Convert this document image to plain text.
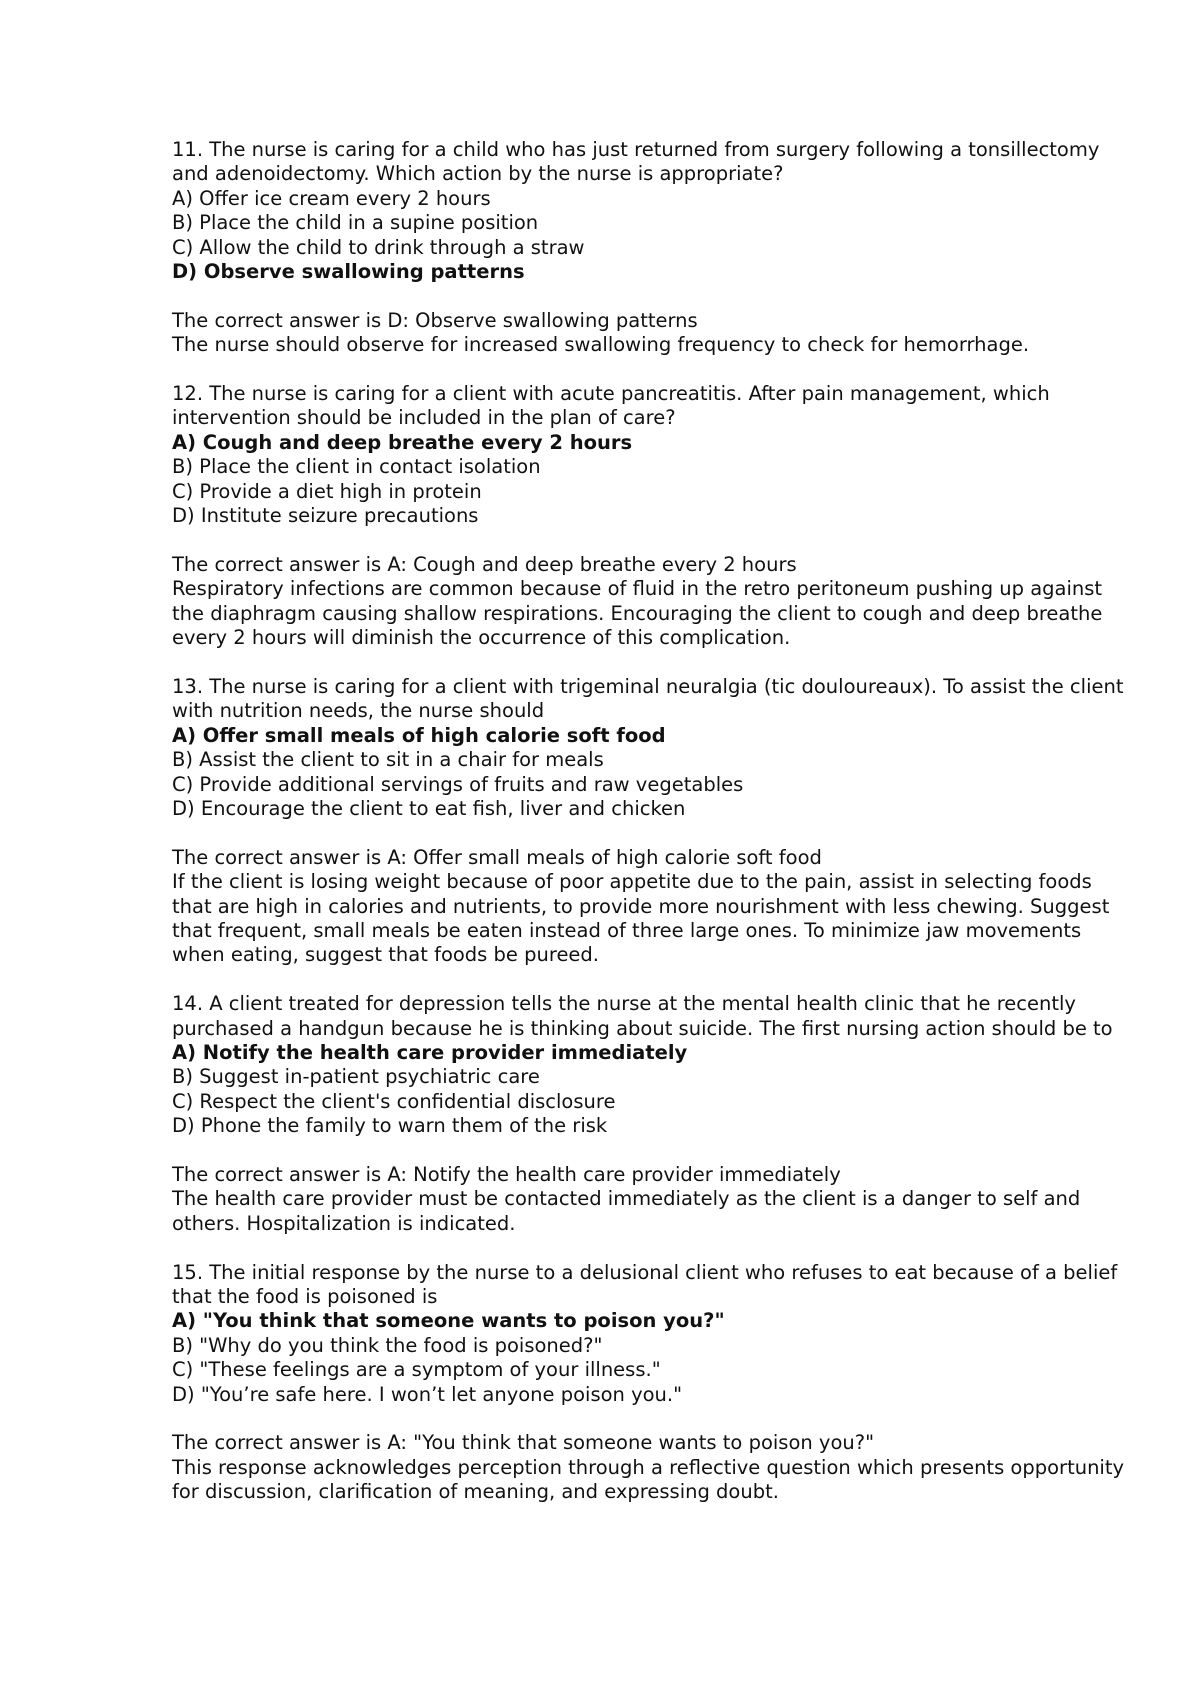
11. The nurse is caring for a child who has just returned from surgery following a tonsillectomy and adenoidectomy. Which action by the nurse is appropriate?
A) Offer ice cream every 2 hours
B) Place the child in a supine position
C) Allow the child to drink through a straw
D) Observe swallowing patterns
The correct answer is D: Observe swallowing patterns
The nurse should observe for increased swallowing frequency to check for hemorrhage.
12. The nurse is caring for a client with acute pancreatitis. After pain management, which intervention should be included in the plan of care?
A) Cough and deep breathe every 2 hours
B) Place the client in contact isolation
C) Provide a diet high in protein
D) Institute seizure precautions
The correct answer is A: Cough and deep breathe every 2 hours
Respiratory infections are common because of fluid in the retro peritoneum pushing up against the diaphragm causing shallow respirations. Encouraging the client to cough and deep breathe every 2 hours will diminish the occurrence of this complication.
13. The nurse is caring for a client with trigeminal neuralgia (tic douloureaux). To assist the client with nutrition needs, the nurse should
A) Offer small meals of high calorie soft food
B) Assist the client to sit in a chair for meals
C) Provide additional servings of fruits and raw vegetables
D) Encourage the client to eat fish, liver and chicken
The correct answer is A: Offer small meals of high calorie soft food
If the client is losing weight because of poor appetite due to the pain, assist in selecting foods that are high in calories and nutrients, to provide more nourishment with less chewing. Suggest that frequent, small meals be eaten instead of three large ones. To minimize jaw movements when eating, suggest that foods be pureed.
14. A client treated for depression tells the nurse at the mental health clinic that he recently purchased a handgun because he is thinking about suicide. The first nursing action should be to
A) Notify the health care provider immediately
B) Suggest in-patient psychiatric care
C) Respect the client's confidential disclosure
D) Phone the family to warn them of the risk
The correct answer is A: Notify the health care provider immediately
The health care provider must be contacted immediately as the client is a danger to self and others. Hospitalization is indicated.
15. The initial response by the nurse to a delusional client who refuses to eat because of a belief that the food is poisoned is
A) "You think that someone wants to poison you?"
B) "Why do you think the food is poisoned?"
C) "These feelings are a symptom of your illness."
D) "You’re safe here. I won’t let anyone poison you."
The correct answer is A: "You think that someone wants to poison you?"
This response acknowledges perception through a reflective question which presents opportunity for discussion, clarification of meaning, and expressing doubt.
